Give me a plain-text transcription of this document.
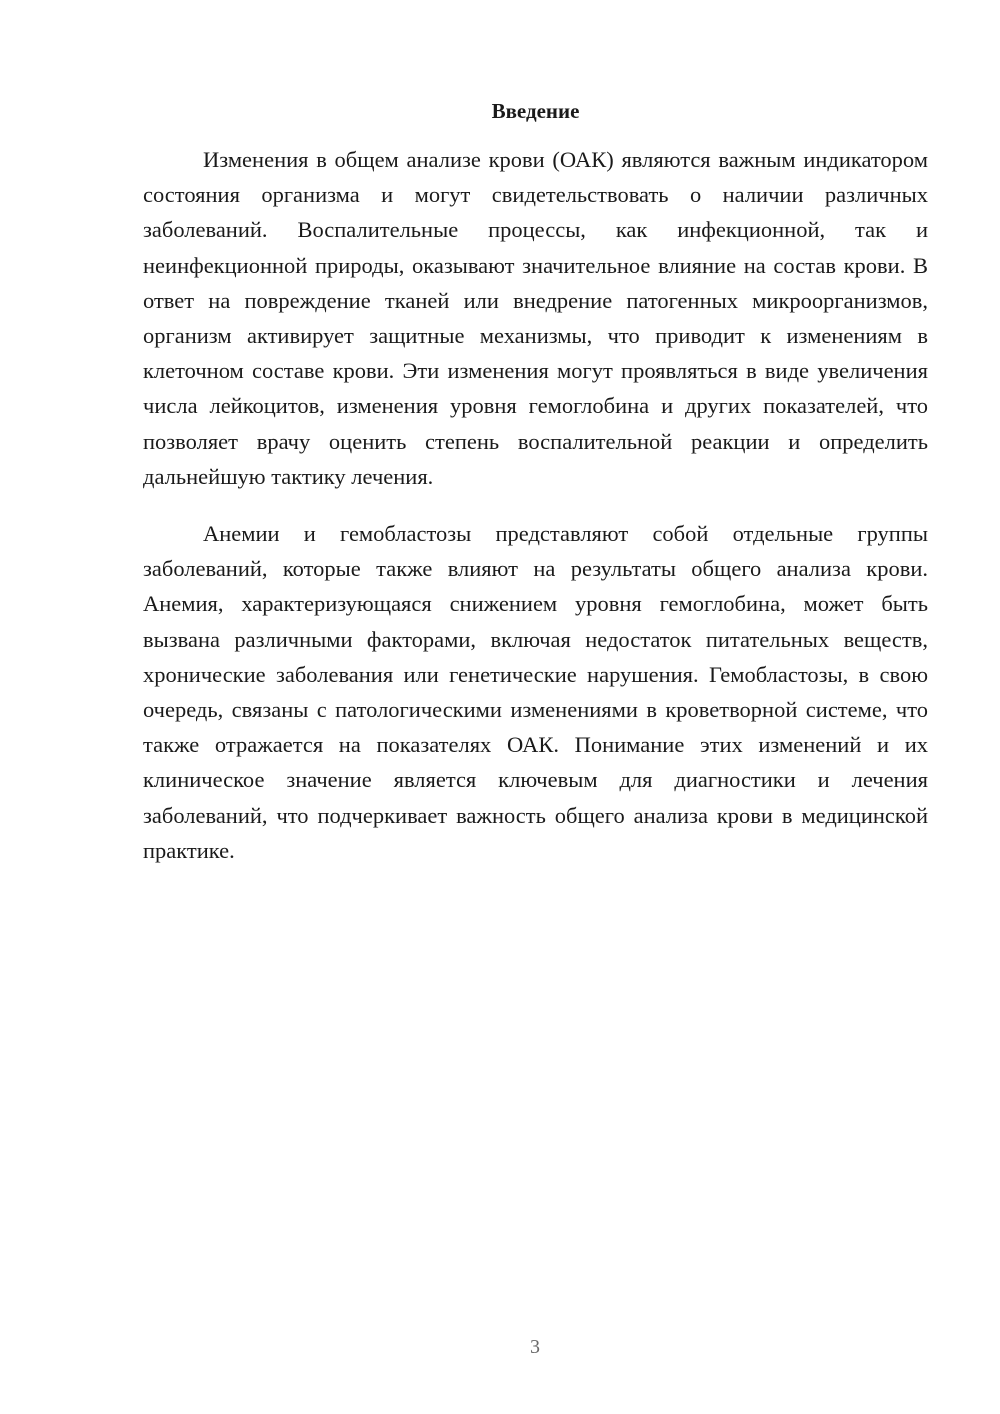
Введение

Изменения в общем анализе крови (ОАК) являются важным индикатором состояния организма и могут свидетельствовать о наличии различных заболеваний. Воспалительные процессы, как инфекционной, так и неинфекционной природы, оказывают значительное влияние на состав крови. В ответ на повреждение тканей или внедрение патогенных микроорганизмов, организм активирует защитные механизмы, что приводит к изменениям в клеточном составе крови. Эти изменения могут проявляться в виде увеличения числа лейкоцитов, изменения уровня гемоглобина и других показателей, что позволяет врачу оценить степень воспалительной реакции и определить дальнейшую тактику лечения.

Анемии и гемобластозы представляют собой отдельные группы заболеваний, которые также влияют на результаты общего анализа крови. Анемия, характеризующаяся снижением уровня гемоглобина, может быть вызвана различными факторами, включая недостаток питательных веществ, хронические заболевания или генетические нарушения. Гемобластозы, в свою очередь, связаны с патологическими изменениями в кроветворной системе, что также отражается на показателях ОАК. Понимание этих изменений и их клиническое значение является ключевым для диагностики и лечения заболеваний, что подчеркивает важность общего анализа крови в медицинской практике.

3
